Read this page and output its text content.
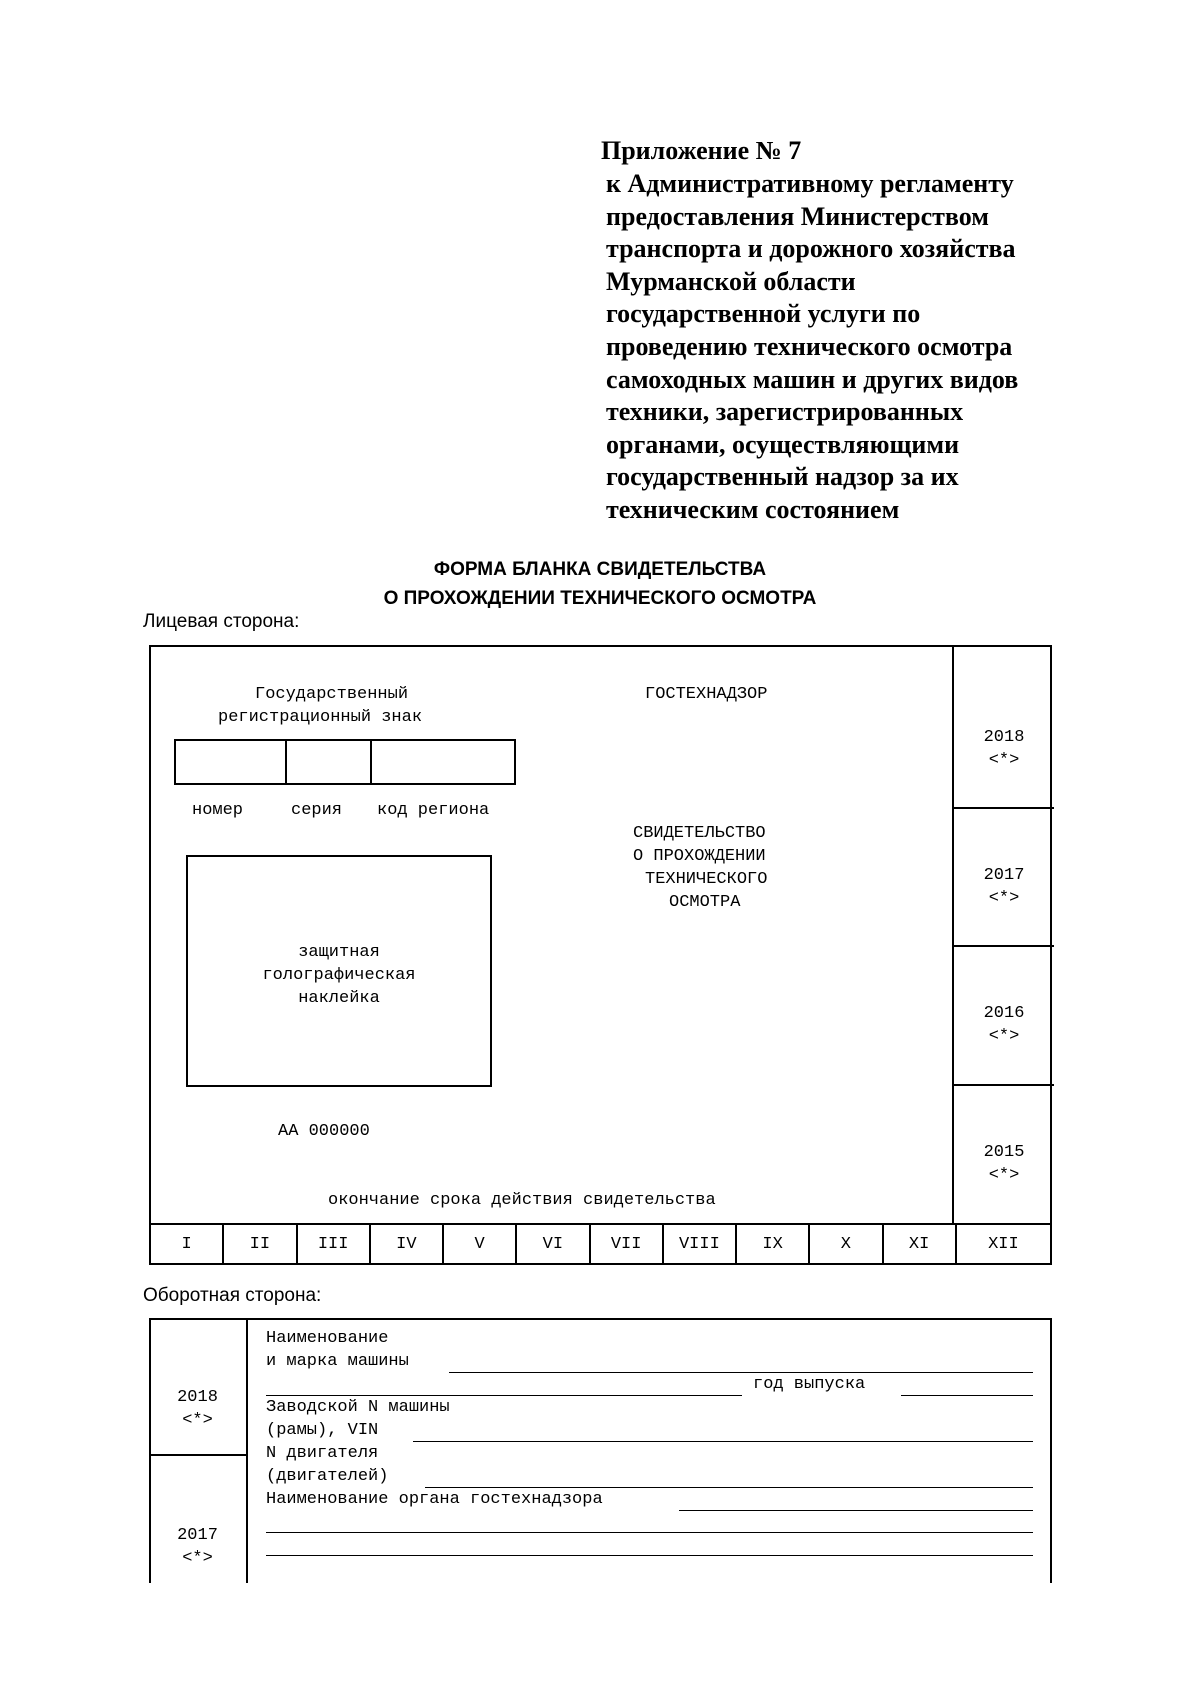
Приложение № 7
к Административному регламенту
предоставления Министерством
транспорта и дорожного хозяйства
Мурманской области
государственной услуги по
проведению технического осмотра
самоходных машин и других видов
техники, зарегистрированных
органами, осуществляющими
государственный надзор за их
техническим состоянием
ФОРМА БЛАНКА СВИДЕТЕЛЬСТВА
О ПРОХОЖДЕНИИ ТЕХНИЧЕСКОГО ОСМОТРА
Лицевая сторона:
Государственный
регистрационный знак
ГОСТЕХНАДЗОР
номер	серия код региона
СВИДЕТЕЛЬСТВО
О ПРОХОЖДЕНИИ
ТЕХНИЧЕСКОГО
ОСМОТРА
защитная
голографическая
наклейка
АА 000000
окончание срока действия свидетельства
2018
<*>
2017
<*>
2016
<*>
2015
<*>
I	II	III	IV	V	VI	VII	VIII	IX	X	XI	XII
Оборотная сторона:
2018
<*>
2017
<*>
Наименование
и марка машины
год выпуска
Заводской N машины
(рамы), VIN
N двигателя
(двигателей)
Наименование органа гостехнадзора
